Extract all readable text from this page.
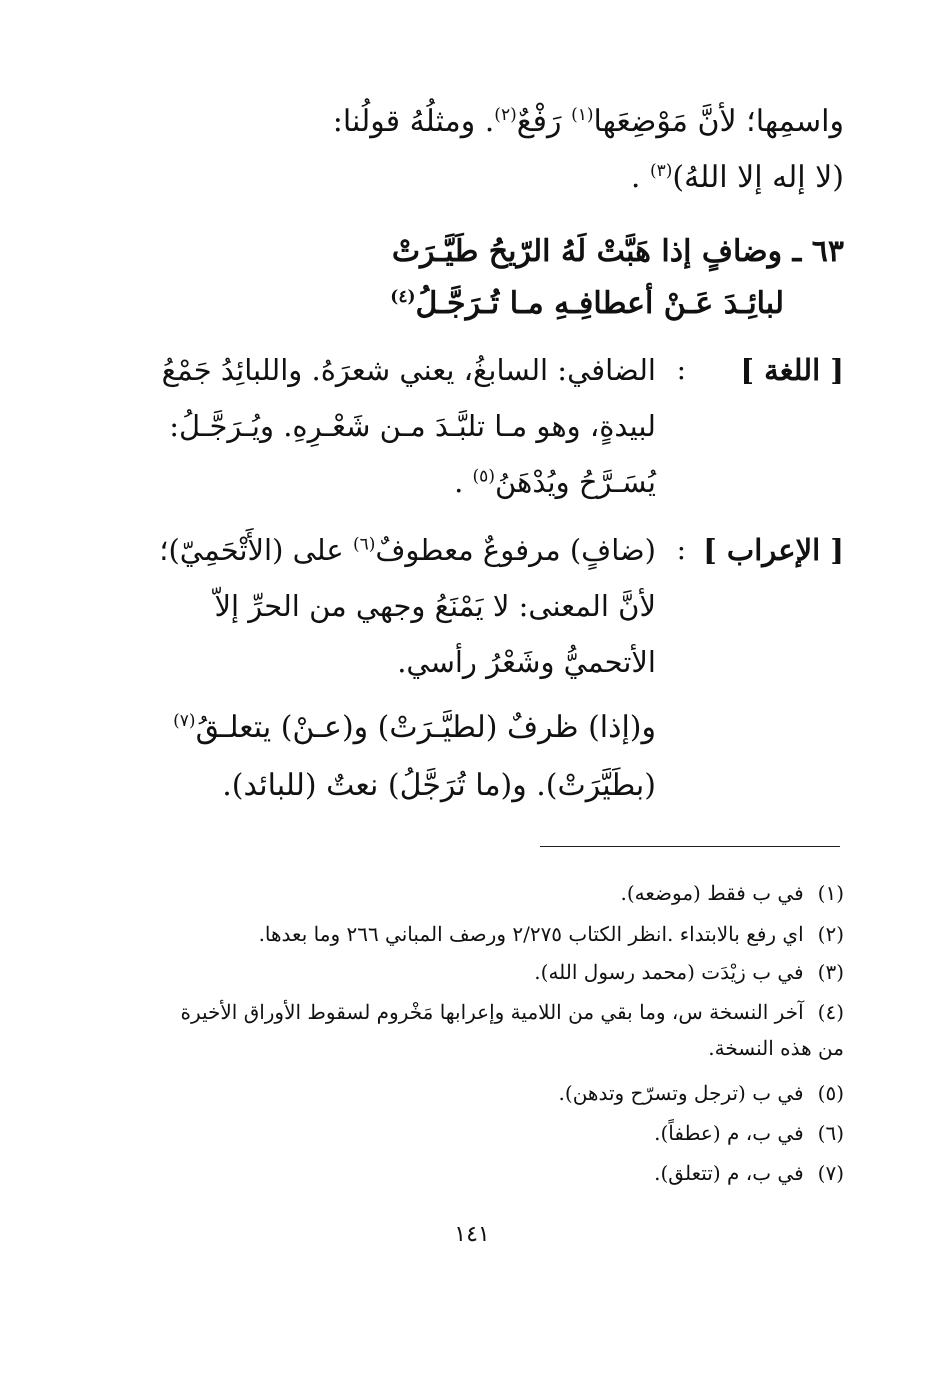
واسمِها؛ لأنَّ مَوْضِعَها$^{(١)}$ رَفْعٌ$^{(٢)}$. ومثلُهُ قولُنا:
(لا إله إلا اللهُ)$^{(٣)}$ .
٦٣ ـ وضافٍ إذا هَبَّتْ لَهُ الرّيحُ طَيَّـرَتْ
لبائِـدَ عَـنْ أعطافِـهِ مـا تُـرَجَّـلُ$^{(٤)}$
[ اللغة ]
:
الضافي: السابغُ، يعني شعرَهُ. واللبائِدُ جَمْعُ لبيدةٍ، وهو مـا تلبَّـدَ مـن شَعْـرِهِ. ويُـرَجَّـلُ: يُسَـرَّحُ ويُدْهَنُ$^{(٥)}$ .
[ الإعراب ]
:
(ضافٍ) مرفوعٌ معطوفٌ$^{(٦)}$ على (الأَتْحَمِيّ)؛ لأنَّ المعنى: لا يَمْنَعُ وجهي من الحرِّ إلاّ الأتحميُّ وشَعْرُ رأسي.
و(إذا) ظرفٌ (لطيَّـرَتْ) و(عـنْ) يتعلـقُ$^{(٧)}$
(بطَيَّرَتْ). و(ما تُرَجَّلُ) نعتٌ (للبائد).
(١)في ب فقط (موضعه).
(٢)اي رفع بالابتداء .انظر الكتاب ٢/٢٧٥ ورصف المباني ٢٦٦ وما بعدها.
(٣)في ب زيْدَت (محمد رسول الله).
(٤)آخر النسخة س، وما بقي من اللامية وإعرابها مَخْروم لسقوط الأوراق الأخيرة من هذه النسخة.
(٥)في ب (ترجل وتسرّح وتدهن).
(٦)في ب، م (عطفاً).
(٧)في ب، م (تتعلق).
١٤١
